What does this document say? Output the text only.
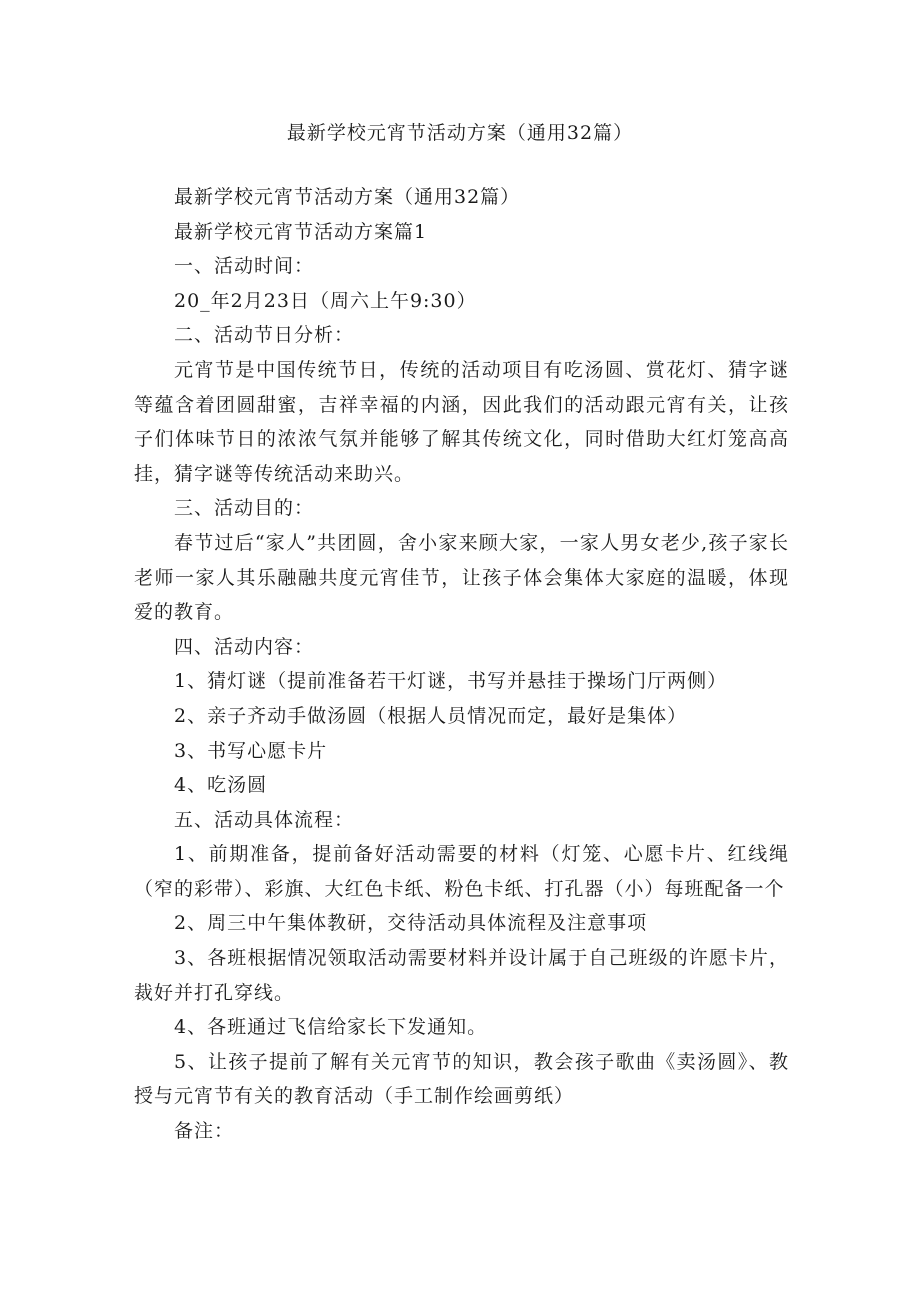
最新学校元宵节活动方案（通用32篇）

最新学校元宵节活动方案（通用32篇）

最新学校元宵节活动方案篇1

一、活动时间：

20_年2月23日（周六上午9:30）

二、活动节日分析：

元宵节是中国传统节日，传统的活动项目有吃汤圆、赏花灯、猜字谜等蕴含着团圆甜蜜，吉祥幸福的内涵，因此我们的活动跟元宵有关，让孩子们体味节日的浓浓气氛并能够了解其传统文化，同时借助大红灯笼高高挂，猜字谜等传统活动来助兴。

三、活动目的：

春节过后“家人”共团圆，舍小家来顾大家，一家人男女老少,孩子家长老师一家人其乐融融共度元宵佳节，让孩子体会集体大家庭的温暖，体现爱的教育。

四、活动内容：

1、猜灯谜（提前准备若干灯谜，书写并悬挂于操场门厅两侧）

2、亲子齐动手做汤圆（根据人员情况而定，最好是集体）

3、书写心愿卡片

4、吃汤圆

五、活动具体流程：

1、前期准备，提前备好活动需要的材料（灯笼、心愿卡片、红线绳（窄的彩带）、彩旗、大红色卡纸、粉色卡纸、打孔器（小）每班配备一个

2、周三中午集体教研，交待活动具体流程及注意事项

3、各班根据情况领取活动需要材料并设计属于自己班级的许愿卡片，裁好并打孔穿线。

4、各班通过飞信给家长下发通知。

5、让孩子提前了解有关元宵节的知识，教会孩子歌曲《卖汤圆》、教授与元宵节有关的教育活动（手工制作绘画剪纸）

备注：
